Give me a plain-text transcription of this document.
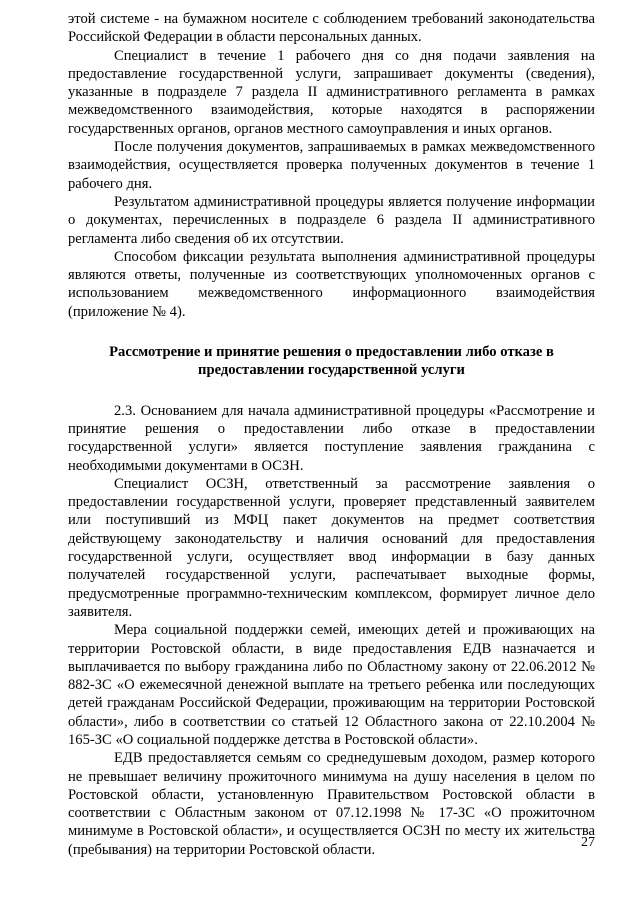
этой системе - на бумажном носителе с соблюдением требований законодательства Российской Федерации в области персональных данных.

Специалист в течение 1 рабочего дня со дня подачи заявления на предоставление государственной услуги, запрашивает документы (сведения), указанные в подразделе 7 раздела II административного регламента в рамках межведомственного взаимодействия, которые находятся в распоряжении государственных органов, органов местного самоуправления и иных органов.

После получения документов, запрашиваемых в рамках межведомственного взаимодействия, осуществляется проверка полученных документов в течение 1 рабочего дня.

Результатом административной процедуры является получение информации о документах, перечисленных в подразделе 6 раздела II административного регламента либо сведения об их отсутствии.

Способом фиксации результата выполнения административной процедуры являются ответы, полученные из соответствующих уполномоченных органов с использованием межведомственного информационного взаимодействия (приложение № 4).

Рассмотрение и принятие решения о предоставлении либо отказе в предоставлении государственной услуги

2.3. Основанием для начала административной процедуры «Рассмотрение и принятие решения о предоставлении либо отказе в предоставлении государственной услуги» является поступление заявления гражданина с необходимыми документами в ОСЗН.

Специалист ОСЗН, ответственный за рассмотрение заявления о предоставлении государственной услуги, проверяет представленный заявителем или поступивший из МФЦ пакет документов на предмет соответствия действующему законодательству и наличия оснований для предоставления государственной услуги, осуществляет ввод информации в базу данных получателей государственной услуги, распечатывает выходные формы, предусмотренные программно-техническим комплексом, формирует личное дело заявителя.

Мера социальной поддержки семей, имеющих детей и проживающих на территории Ростовской области, в виде предоставления ЕДВ назначается и выплачивается по выбору гражданина либо по Областному закону от 22.06.2012 № 882-ЗС «О ежемесячной денежной выплате на третьего ребенка или последующих детей гражданам Российской Федерации, проживающим на территории Ростовской области», либо в соответствии со статьей 12 Областного закона от 22.10.2004 № 165-ЗС «О социальной поддержке детства в Ростовской области».

ЕДВ предоставляется семьям со среднедушевым доходом, размер которого не превышает величину прожиточного минимума на душу населения в целом по Ростовской области, установленную Правительством Ростовской области в соответствии с Областным законом от 07.12.1998 № 17-ЗС «О прожиточном минимуме в Ростовской области», и осуществляется ОСЗН по месту их жительства (пребывания) на территории Ростовской области.	27
